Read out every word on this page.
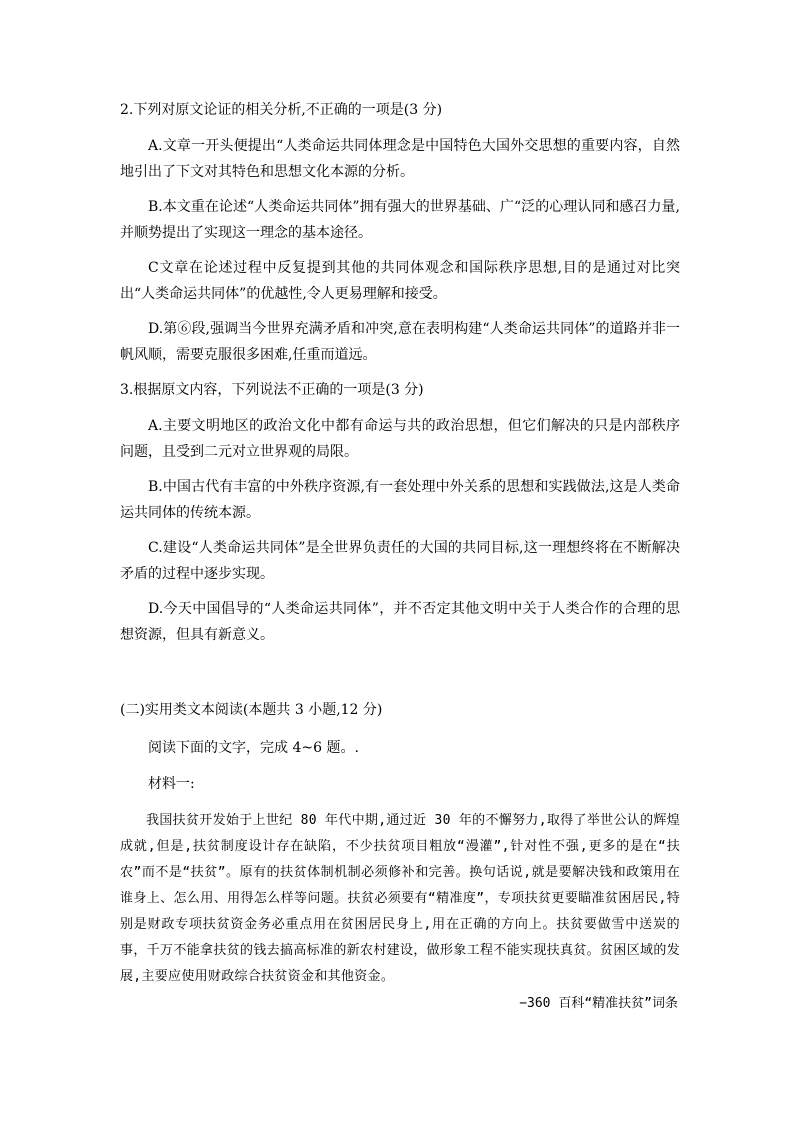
2.下列对原文论证的相关分析,不正确的一项是(3 分)
A.文章一开头便提出“人类命运共同体理念是中国特色大国外交思想的重要内容，自然地引出了下文对其特色和思想文化本源的分析。
B.本文重在论述“人类命运共同体”拥有强大的世界基础、广“泛的心理认同和感召力量,并顺势提出了实现这一理念的基本途径。
C文章在论述过程中反复提到其他的共同体观念和国际秩序思想,目的是通过对比突出“人类命运共同体”的优越性,令人更易理解和接受。
D.第⑥段,强调当今世界充满矛盾和冲突,意在表明构建“人类命运共同体”的道路并非一帆风顺，需要克服很多困难,任重而道远。
3.根据原文内容，下列说法不正确的一项是(3 分)
A.主要文明地区的政治文化中都有命运与共的政治思想，但它们解决的只是内部秩序问题，且受到二元对立世界观的局限。
B.中国古代有丰富的中外秩序资源,有一套处理中外关系的思想和实践做法,这是人类命运共同体的传统本源。
C.建设“人类命运共同体”是全世界负责任的大国的共同目标,这一理想终将在不断解决矛盾的过程中逐步实现。
D.今天中国倡导的“人类命运共同体”，并不否定其他文明中关于人类合作的合理的思想资源，但具有新意义。
(二)实用类文本阅读(本题共 3 小题,12 分)
阅读下面的文字，完成 4~6 题。.
材料一:
我国扶贫开发始于上世纪 80 年代中期,通过近 30 年的不懈努力,取得了举世公认的辉煌成就,但是,扶贫制度设计存在缺陷，不少扶贫项目粗放“漫灌”,针对性不强,更多的是在“扶农”而不是“扶贫”。原有的扶贫体制机制必须修补和完善。换句话说,就是要解决钱和政策用在谁身上、怎么用、用得怎么样等问题。扶贫必须要有“精准度”，专项扶贫更要瞄准贫困居民,特别是财政专项扶贫资金务必重点用在贫困居民身上,用在正确的方向上。扶贫要做雪中送炭的事，千万不能拿扶贫的钱去搞高标准的新农村建设，做形象工程不能实现扶真贫。贫困区域的发展,主要应使用财政综合扶贫资金和其他资金。
−360 百科“精准扶贫”词条
